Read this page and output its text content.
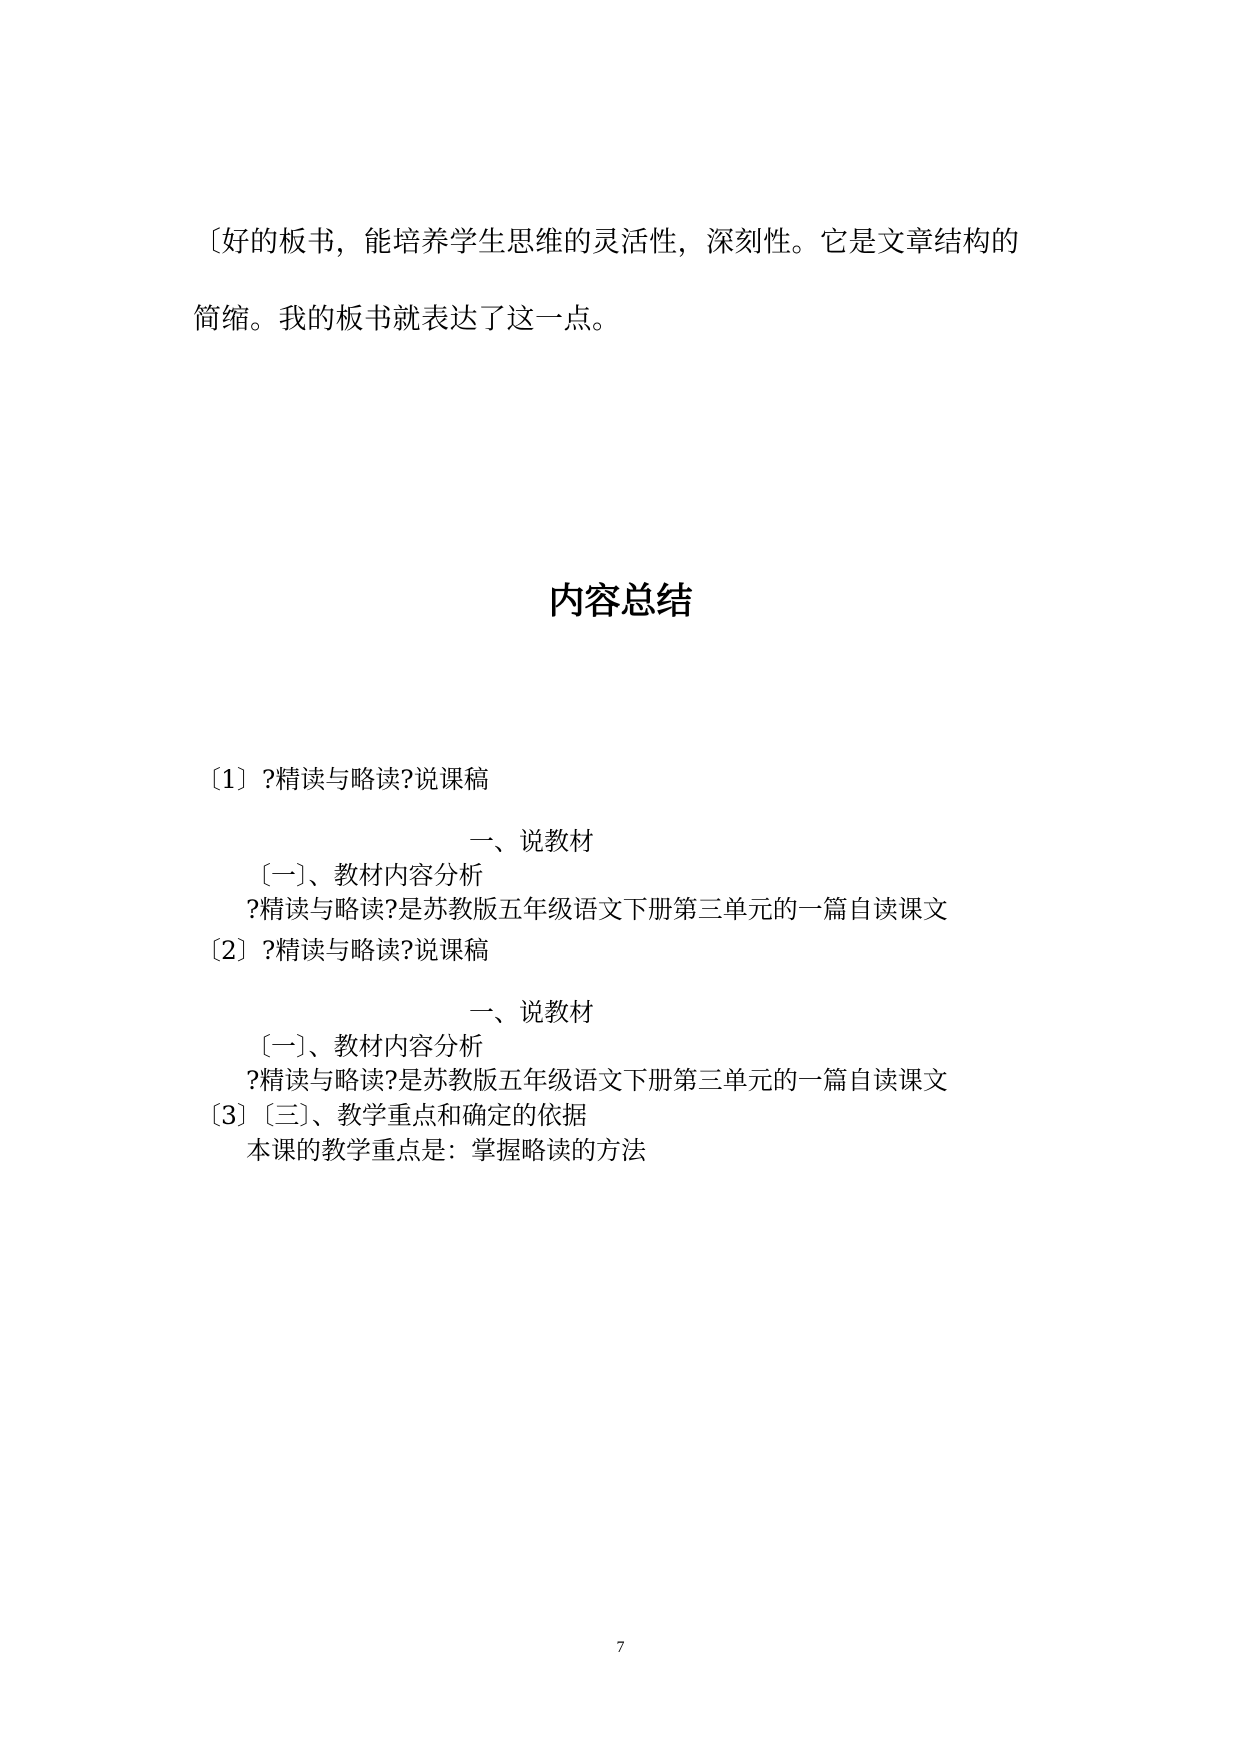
〔好的板书，能培养学生思维的灵活性，深刻性。它是文章结构的
简缩。我的板书就表达了这一点。
内容总结
〔1〕?精读与略读?说课稿
一、说教材
〔一〕、教材内容分析
?精读与略读?是苏教版五年级语文下册第三单元的一篇自读课文
〔2〕?精读与略读?说课稿
一、说教材
〔一〕、教材内容分析
?精读与略读?是苏教版五年级语文下册第三单元的一篇自读课文
〔3〕〔三〕、教学重点和确定的依据
本课的教学重点是：掌握略读的方法
7
